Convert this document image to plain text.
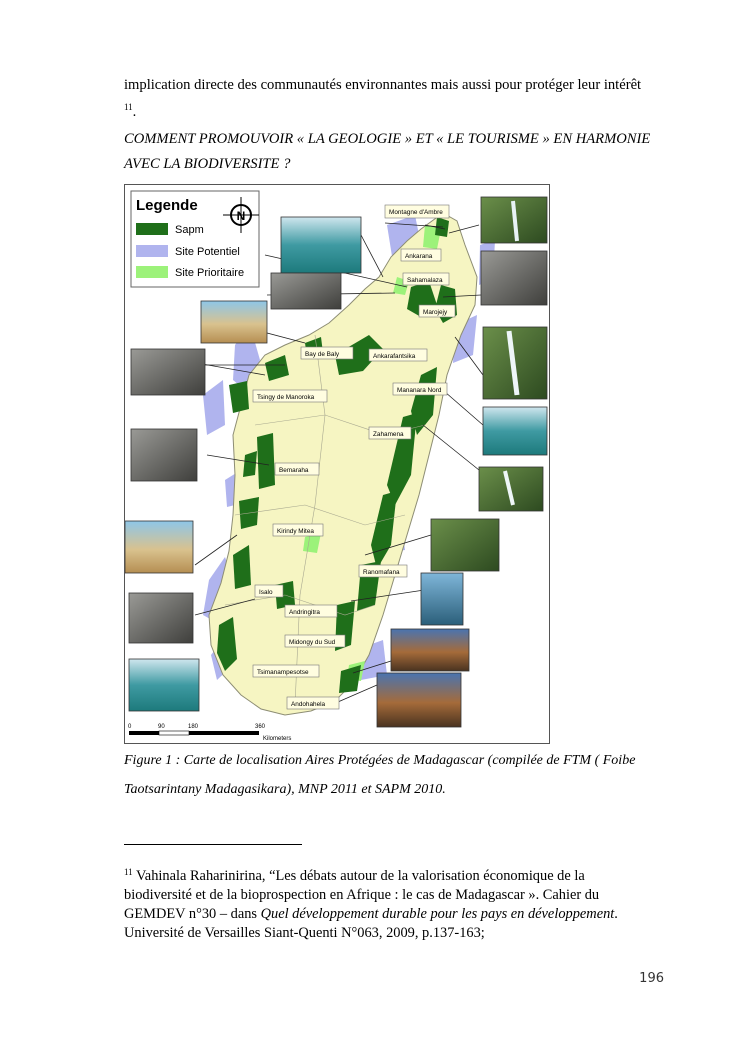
implication directe des communautés environnantes mais aussi pour protéger leur intérêt
$^{11}$.
COMMENT PROMOUVOIR « LA GEOLOGIE » ET « LE TOURISME » EN HARMONIE
AVEC LA BIODIVERSITE ?
Legende
N
Sapm
Site Potentiel
Site Prioritaire
Montagne d'Ambre
Ankarana
Sahamalaza
Marojejy
Bay de Baly	Ankarafantsika
Mananara Nord
Tsingy de Manoroka
Zahamena
Bemaraha
Kirindy Mitea
Ranomafana
Isalo
Andringitra
Midongy du Sud
Tsimanampesotse
Andohahela
0	90	180	360
Kilometers
Figure 1 : Carte de localisation Aires Protégées de Madagascar (compilée de FTM ( Foibe
Taotsarintany Madagasikara), MNP 2011 et SAPM 2010.
$^{11}$ Vahinala Raharinirina, “Les débats autour de la valorisation économique de la biodiversité et de la bioprospection en Afrique : le cas de Madagascar ». Cahier du GEMDEV n°30 – dans Quel développement durable pour les pays en développement. Université de Versailles Siant-Quenti N°063, 2009, p.137-163;
196
